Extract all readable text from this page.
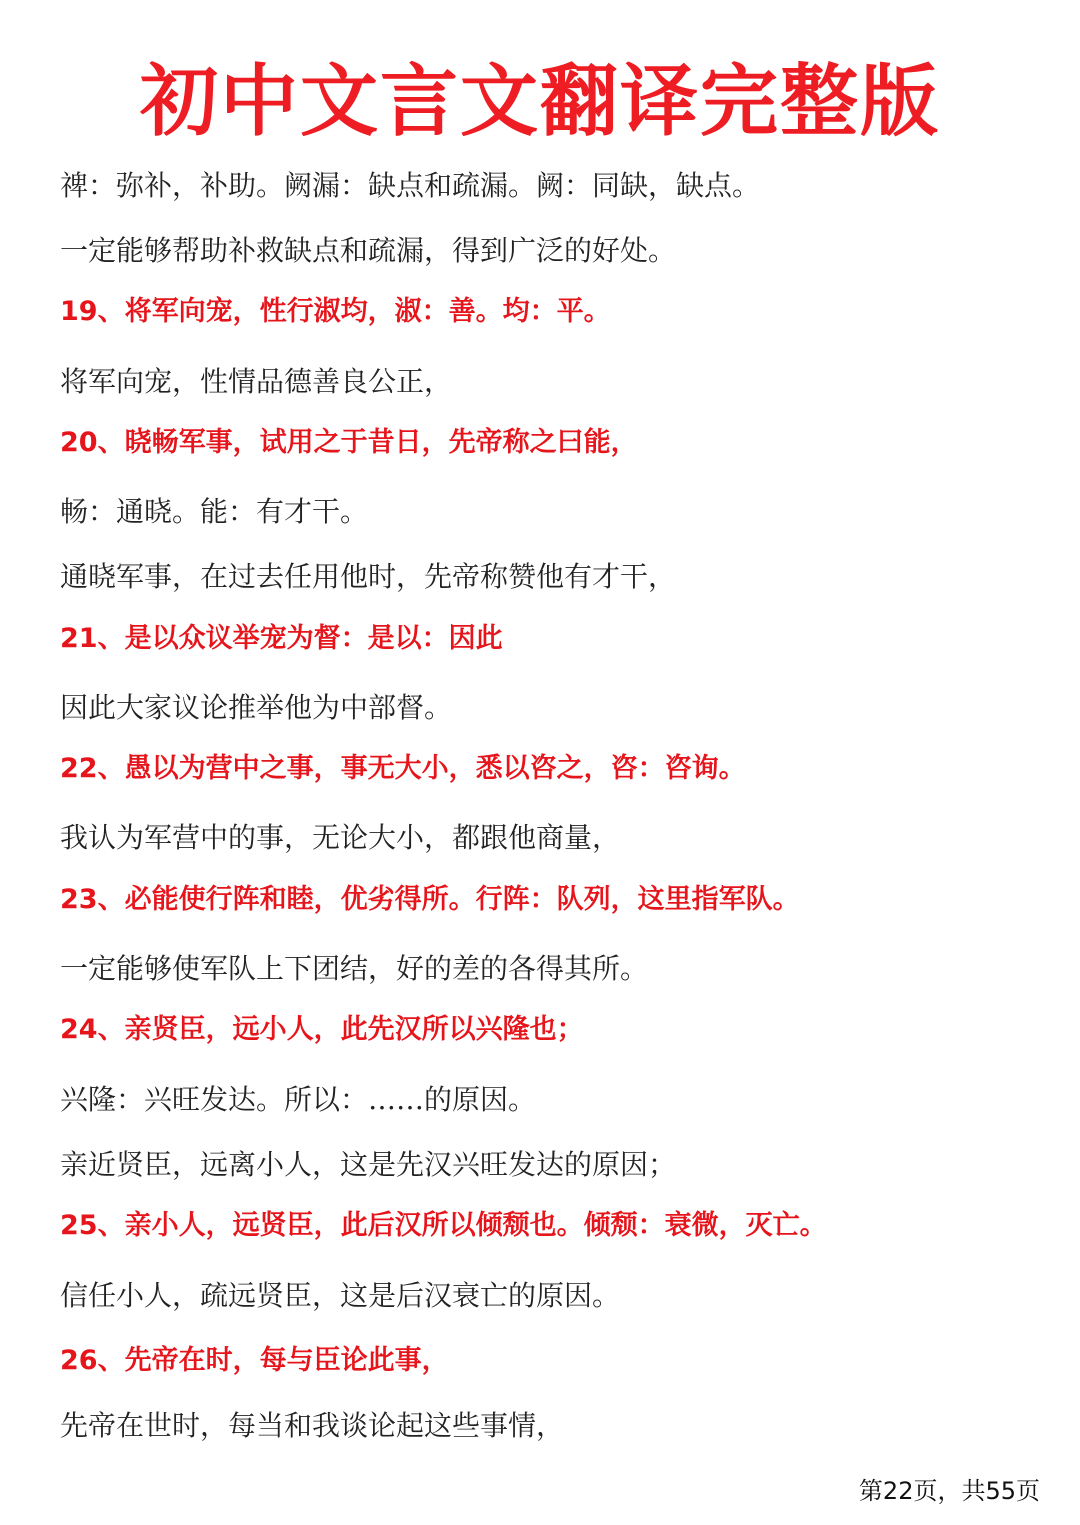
初中文言文翻译完整版
禆：弥补，补助。阙漏：缺点和疏漏。阙：同缺，缺点。
一定能够帮助补救缺点和疏漏，得到广泛的好处。
19、将军向宠，性行淑均，淑：善。均：平。
将军向宠，性情品德善良公正，
20、晓畅军事，试用之于昔日，先帝称之曰能，
畅：通晓。能：有才干。
通晓军事，在过去任用他时，先帝称赞他有才干，
21、是以众议举宠为督：是以：因此
因此大家议论推举他为中部督。
22、愚以为营中之事，事无大小，悉以咨之，咨：咨询。
我认为军营中的事，无论大小，都跟他商量，
23、必能使行阵和睦，优劣得所。行阵：队列，这里指军队。
一定能够使军队上下团结，好的差的各得其所。
24、亲贤臣，远小人，此先汉所以兴隆也；
兴隆：兴旺发达。所以：……的原因。
亲近贤臣，远离小人，这是先汉兴旺发达的原因；
25、亲小人，远贤臣，此后汉所以倾颓也。倾颓：衰微，灭亡。
信任小人，疏远贤臣，这是后汉衰亡的原因。
26、先帝在时，每与臣论此事，
先帝在世时，每当和我谈论起这些事情，
第22页，共55页
